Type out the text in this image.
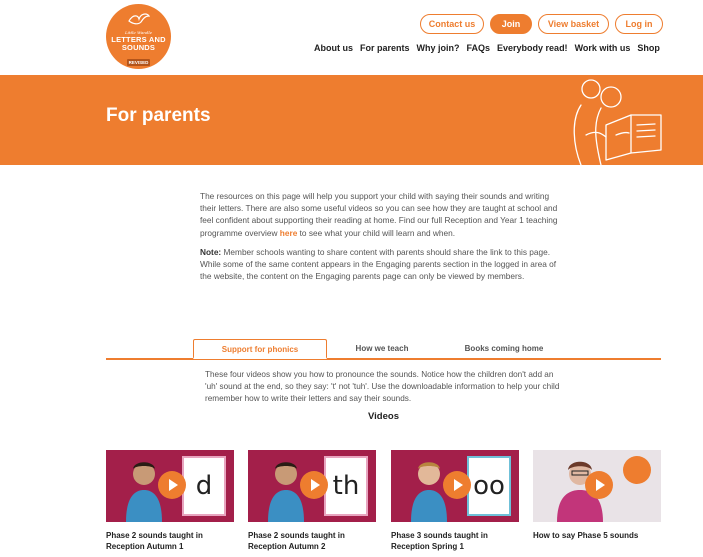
Little Wandle
LETTERS AND
SOUNDS
REVISED
Contact us	Join	View basket	Log in
About us For parents Why join? FAQs Everybody read! Work with us Shop
For parents

The resources on this page will help you support your child with saying their sounds and writing their letters. There are also some useful videos so you can see how they are taught at school and feel confident about supporting their reading at home. Find our full Reception and Year 1 teaching programme overview here to see what your child will learn and when.

Note: Member schools wanting to share content with parents should share the link to this page. While some of the same content appears in the Engaging parents section in the logged in area of the website, the content on the Engaging parents page can only be viewed by members.

Support for phonics	How we teach	Books coming home
These four videos show you how to pronounce the sounds. Notice how the children don't add an 'uh' sound at the end, so they say: 't' not 'tuh'. Use the downloadable information to help your child remember how to write their letters and say their sounds.
Videos
d	th	oo
Phase 2 sounds taught in
Reception Autumn 1
Phase 2 sounds taught in
Reception Autumn 2
Phase 3 sounds taught in
Reception Spring 1
How to say Phase 5 sounds
